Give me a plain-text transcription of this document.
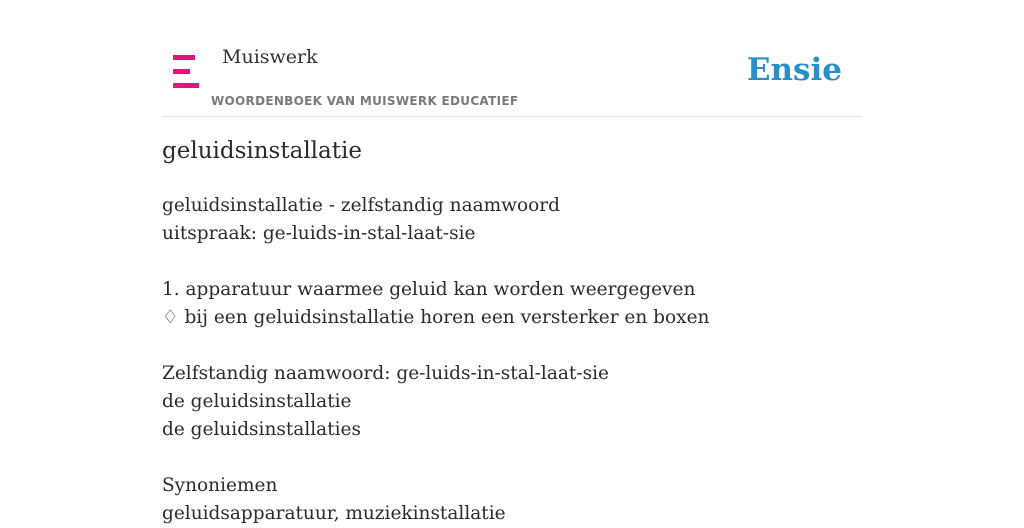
Muiswerk
WOORDENBOEK VAN MUISWERK EDUCATIEF
Ensie
geluidsinstallatie
geluidsinstallatie - zelfstandig naamwoord
uitspraak: ge-luids-in-stal-laat-sie
1. apparatuur waarmee geluid kan worden weergegeven
♢ bij een geluidsinstallatie horen een versterker en boxen
Zelfstandig naamwoord: ge-luids-in-stal-laat-sie
de geluidsinstallatie
de geluidsinstallaties
Synoniemen
geluidsapparatuur, muziekinstallatie
